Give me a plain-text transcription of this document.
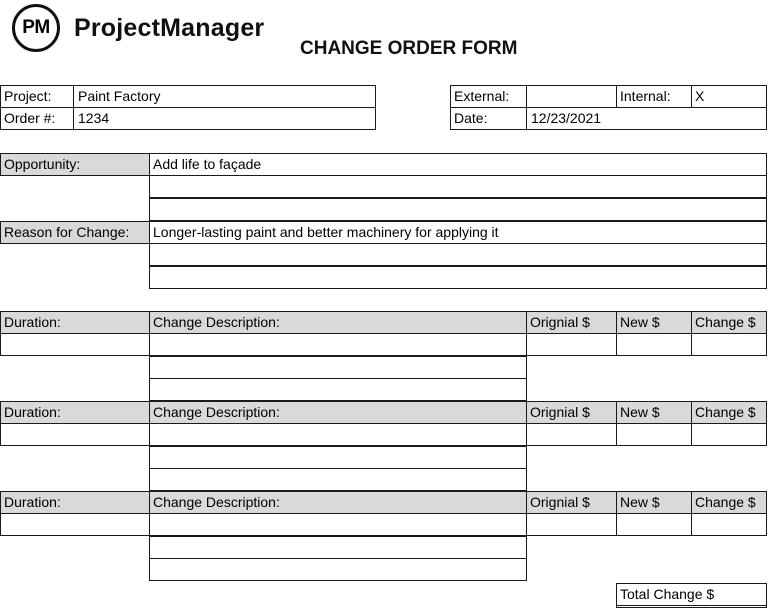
PM ProjectManager
CHANGE ORDER FORM
Project:	Paint Factory
Order #:	1234
External:	Internal:	X
Date:	12/23/2021
Opportunity:	Add life to façade
Reason for Change:	Longer-lasting paint and better machinery for applying it
Duration:	Change Description:	Orignial $	New $	Change $
Duration:	Change Description:	Orignial $	New $	Change $
Duration:	Change Description:	Orignial $	New $	Change $
Total Change $
